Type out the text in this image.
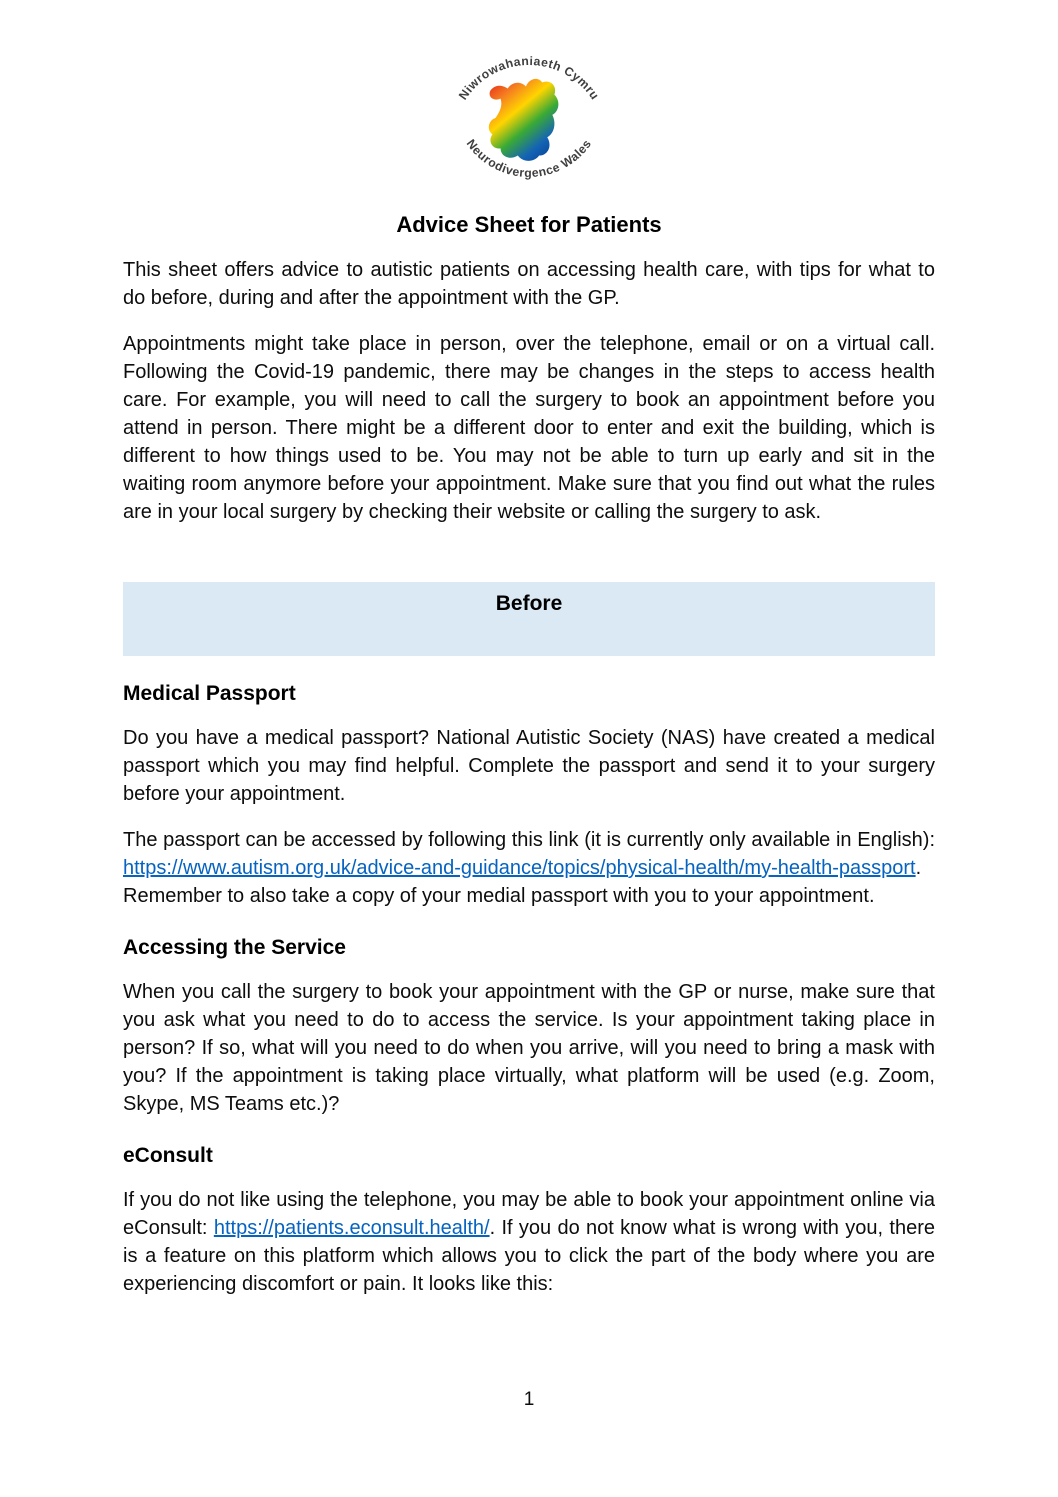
Niwrowahaniaeth Cymru
Neurodivergence Wales
Advice Sheet for Patients

This sheet offers advice to autistic patients on accessing health care, with tips for what to do before, during and after the appointment with the GP.

Appointments might take place in person, over the telephone, email or on a virtual call. Following the Covid-19 pandemic, there may be changes in the steps to access health care. For example, you will need to call the surgery to book an appointment before you attend in person. There might be a different door to enter and exit the building, which is different to how things used to be. You may not be able to turn up early and sit in the waiting room anymore before your appointment. Make sure that you find out what the rules are in your local surgery by checking their website or calling the surgery to ask.

Before
Medical Passport

Do you have a medical passport? National Autistic Society (NAS) have created a medical passport which you may find helpful. Complete the passport and send it to your surgery before your appointment.

The passport can be accessed by following this link (it is currently only available in English): https://www.autism.org.uk/advice-and-guidance/topics/physical-health/my-health-passport. Remember to also take a copy of your medial passport with you to your appointment.

Accessing the Service

When you call the surgery to book your appointment with the GP or nurse, make sure that you ask what you need to do to access the service. Is your appointment taking place in person? If so, what will you need to do when you arrive, will you need to bring a mask with you? If the appointment is taking place virtually, what platform will be used (e.g. Zoom, Skype, MS Teams etc.)?

eConsult

If you do not like using the telephone, you may be able to book your appointment online via eConsult: https://patients.econsult.health/. If you do not know what is wrong with you, there is a feature on this platform which allows you to click the part of the body where you are experiencing discomfort or pain. It looks like this:

1
